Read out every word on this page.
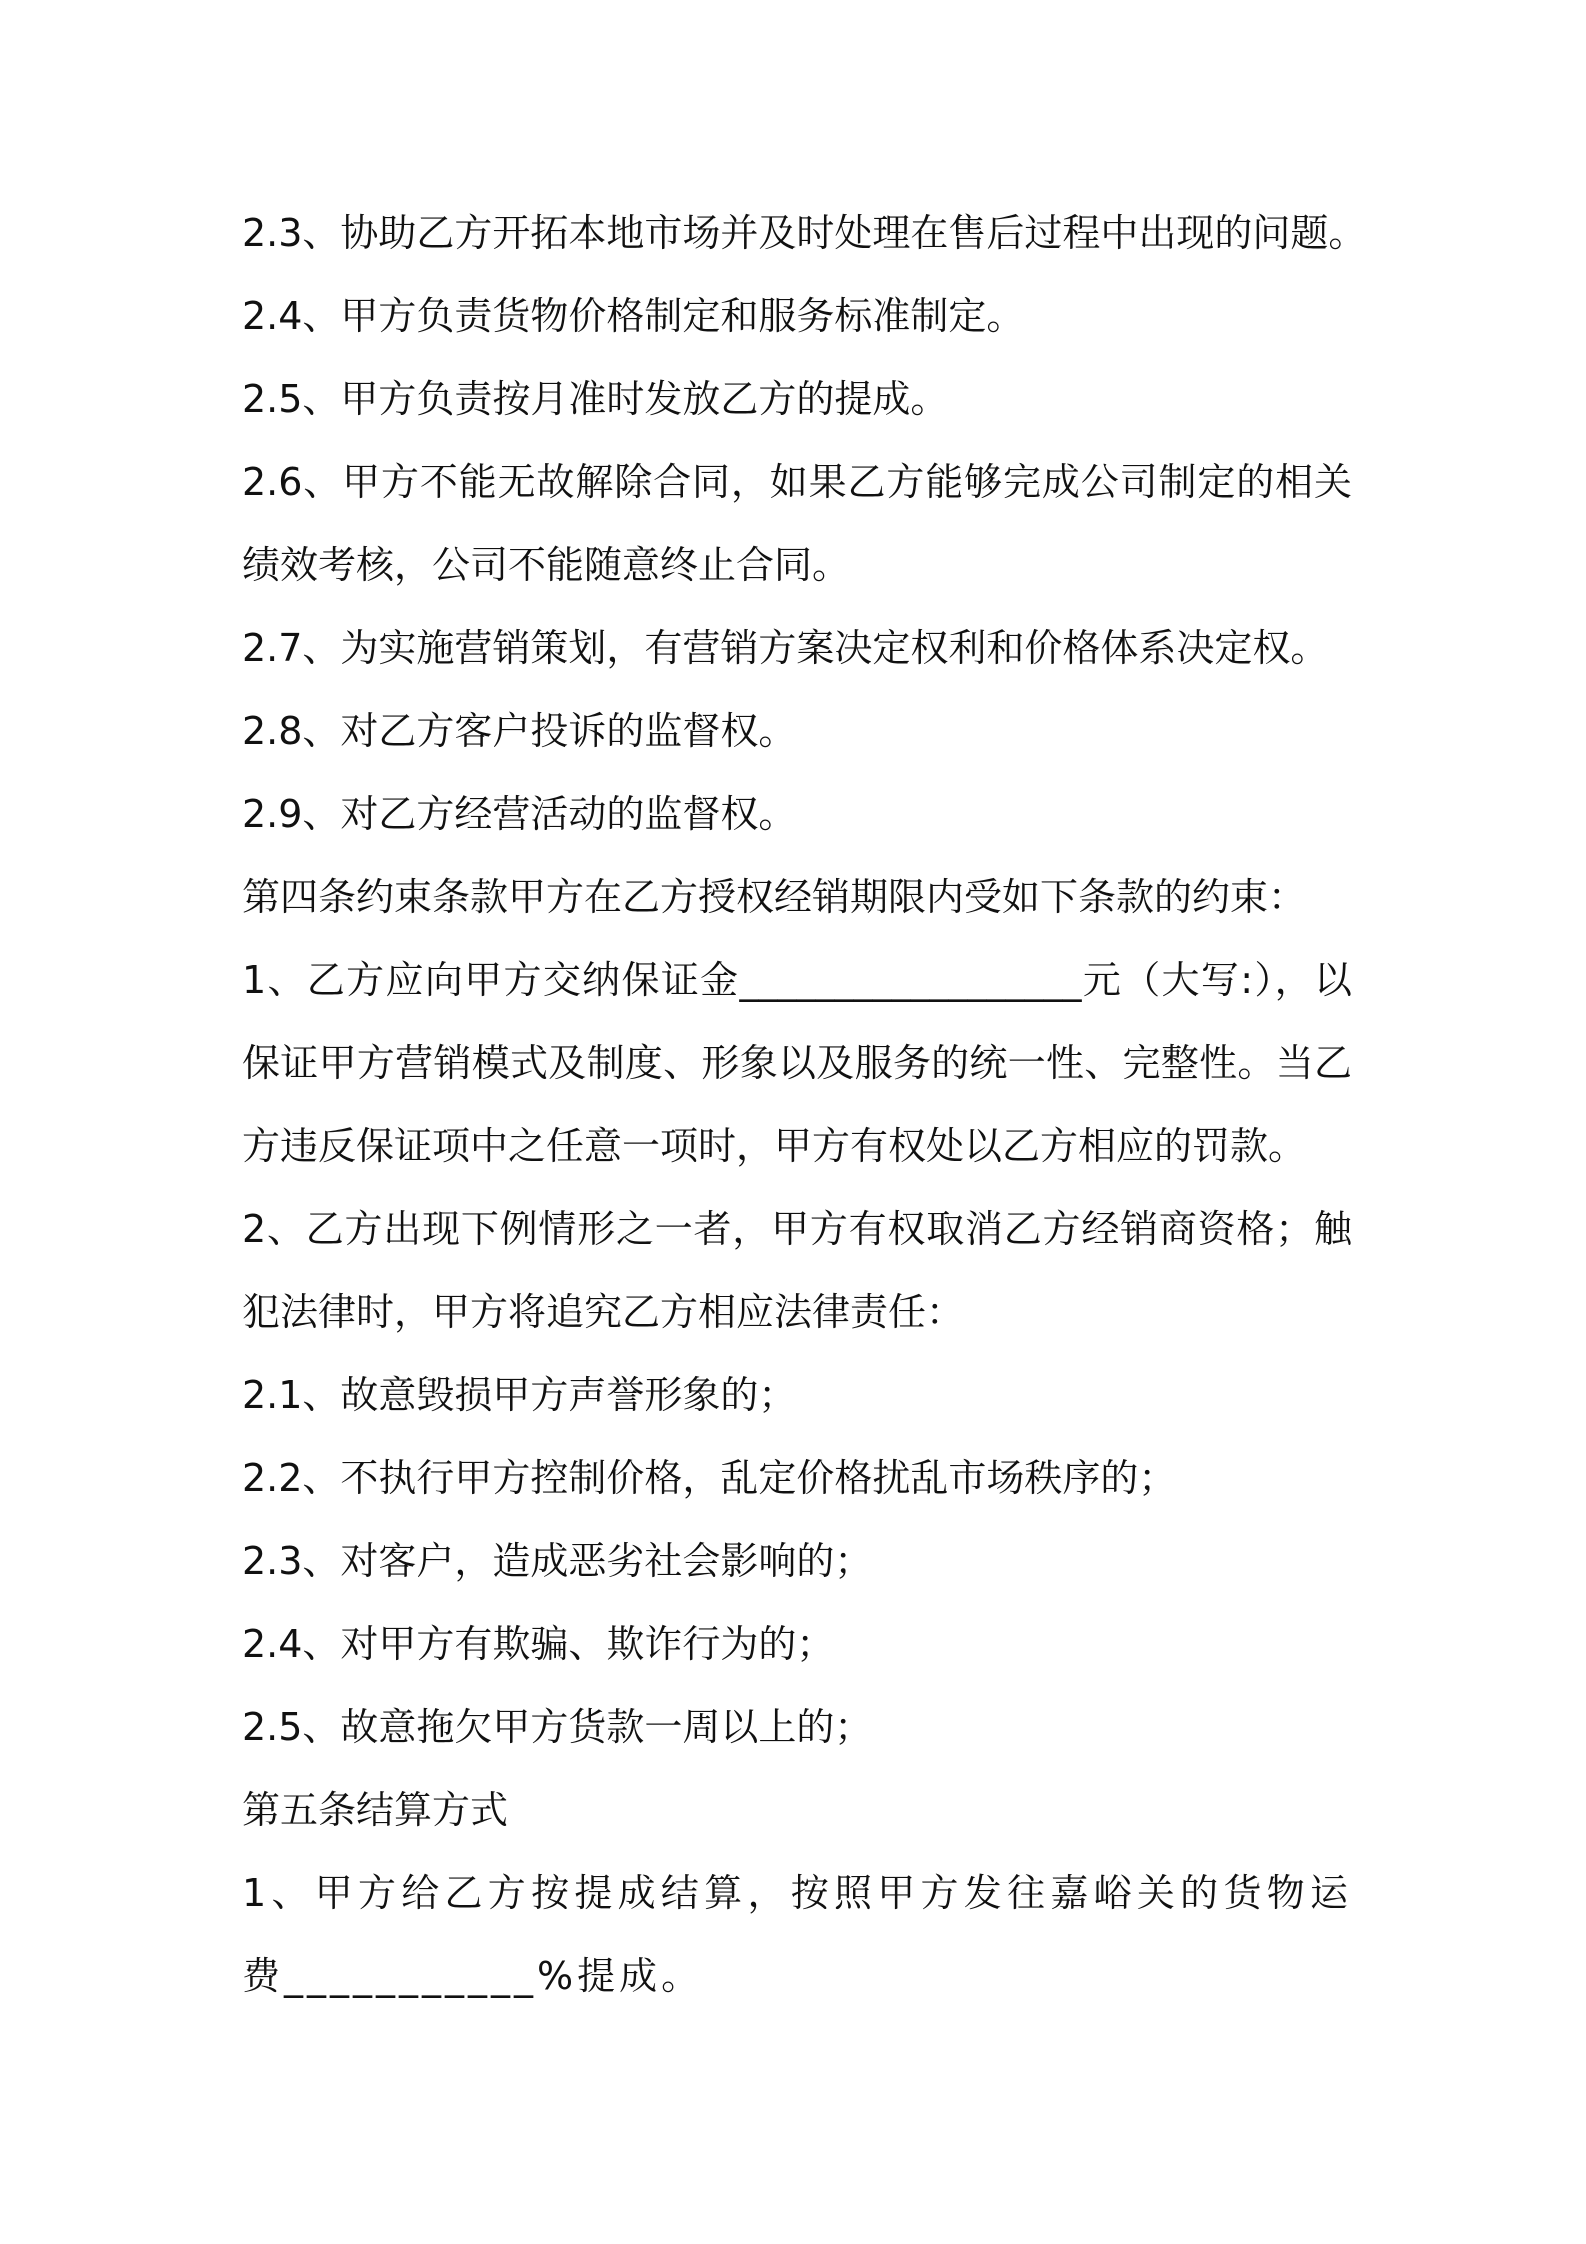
2.3、协助乙方开拓本地市场并及时处理在售后过程中出现的问题。

2.4、甲方负责货物价格制定和服务标准制定。

2.5、甲方负责按月准时发放乙方的提成。

2.6、甲方不能无故解除合同，如果乙方能够完成公司制定的相关绩效考核，公司不能随意终止合同。

2.7、为实施营销策划，有营销方案决定权利和价格体系决定权。

2.8、对乙方客户投诉的监督权。

2.9、对乙方经营活动的监督权。

第四条约束条款甲方在乙方授权经销期限内受如下条款的约束：

1、乙方应向甲方交纳保证金__________________元（大写:），以保证甲方营销模式及制度、形象以及服务的统一性、完整性。当乙方违反保证项中之任意一项时，甲方有权处以乙方相应的罚款。

2、乙方出现下例情形之一者，甲方有权取消乙方经销商资格；触犯法律时，甲方将追究乙方相应法律责任：

2.1、故意毁损甲方声誉形象的；

2.2、不执行甲方控制价格，乱定价格扰乱市场秩序的；

2.3、对客户，造成恶劣社会影响的；

2.4、对甲方有欺骗、欺诈行为的；

2.5、故意拖欠甲方货款一周以上的；

第五条结算方式

1、甲方给乙方按提成结算，按照甲方发往嘉峪关的货物运费___________%提成。
